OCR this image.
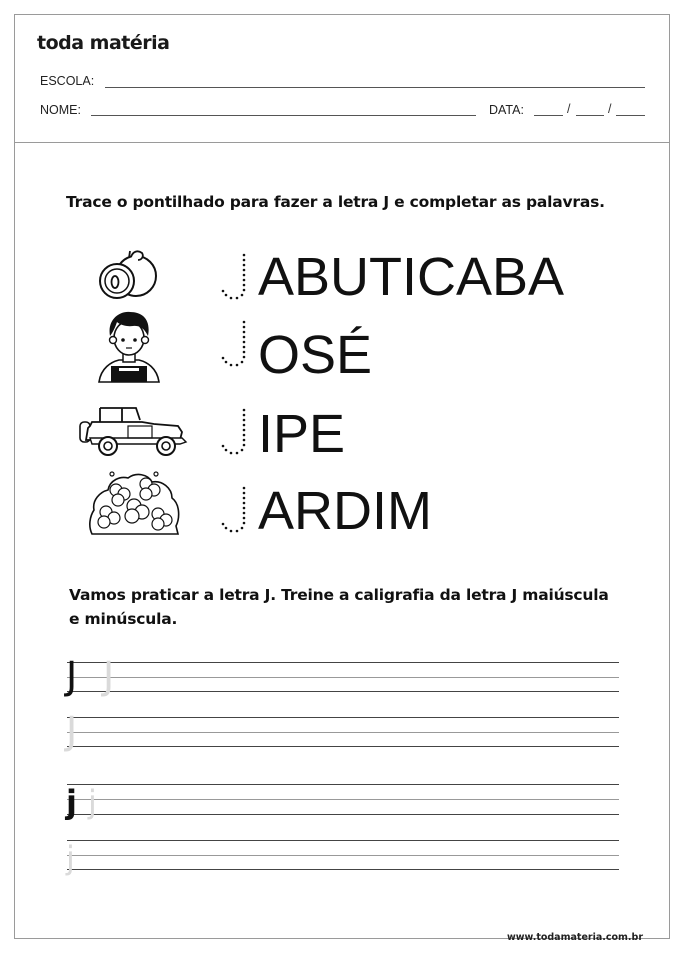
toda matéria
ESCOLA:
NOME:	DATA:	/	/
Trace o pontilhado para fazer a letra J e completar as palavras.
ABUTICABA
OSÉ
IPE
ARDIM
Vamos praticar a letra J. Treine a caligrafia da letra J maiúscula
e minúscula.
J J
J
j j
j
www.todamateria.com.br
